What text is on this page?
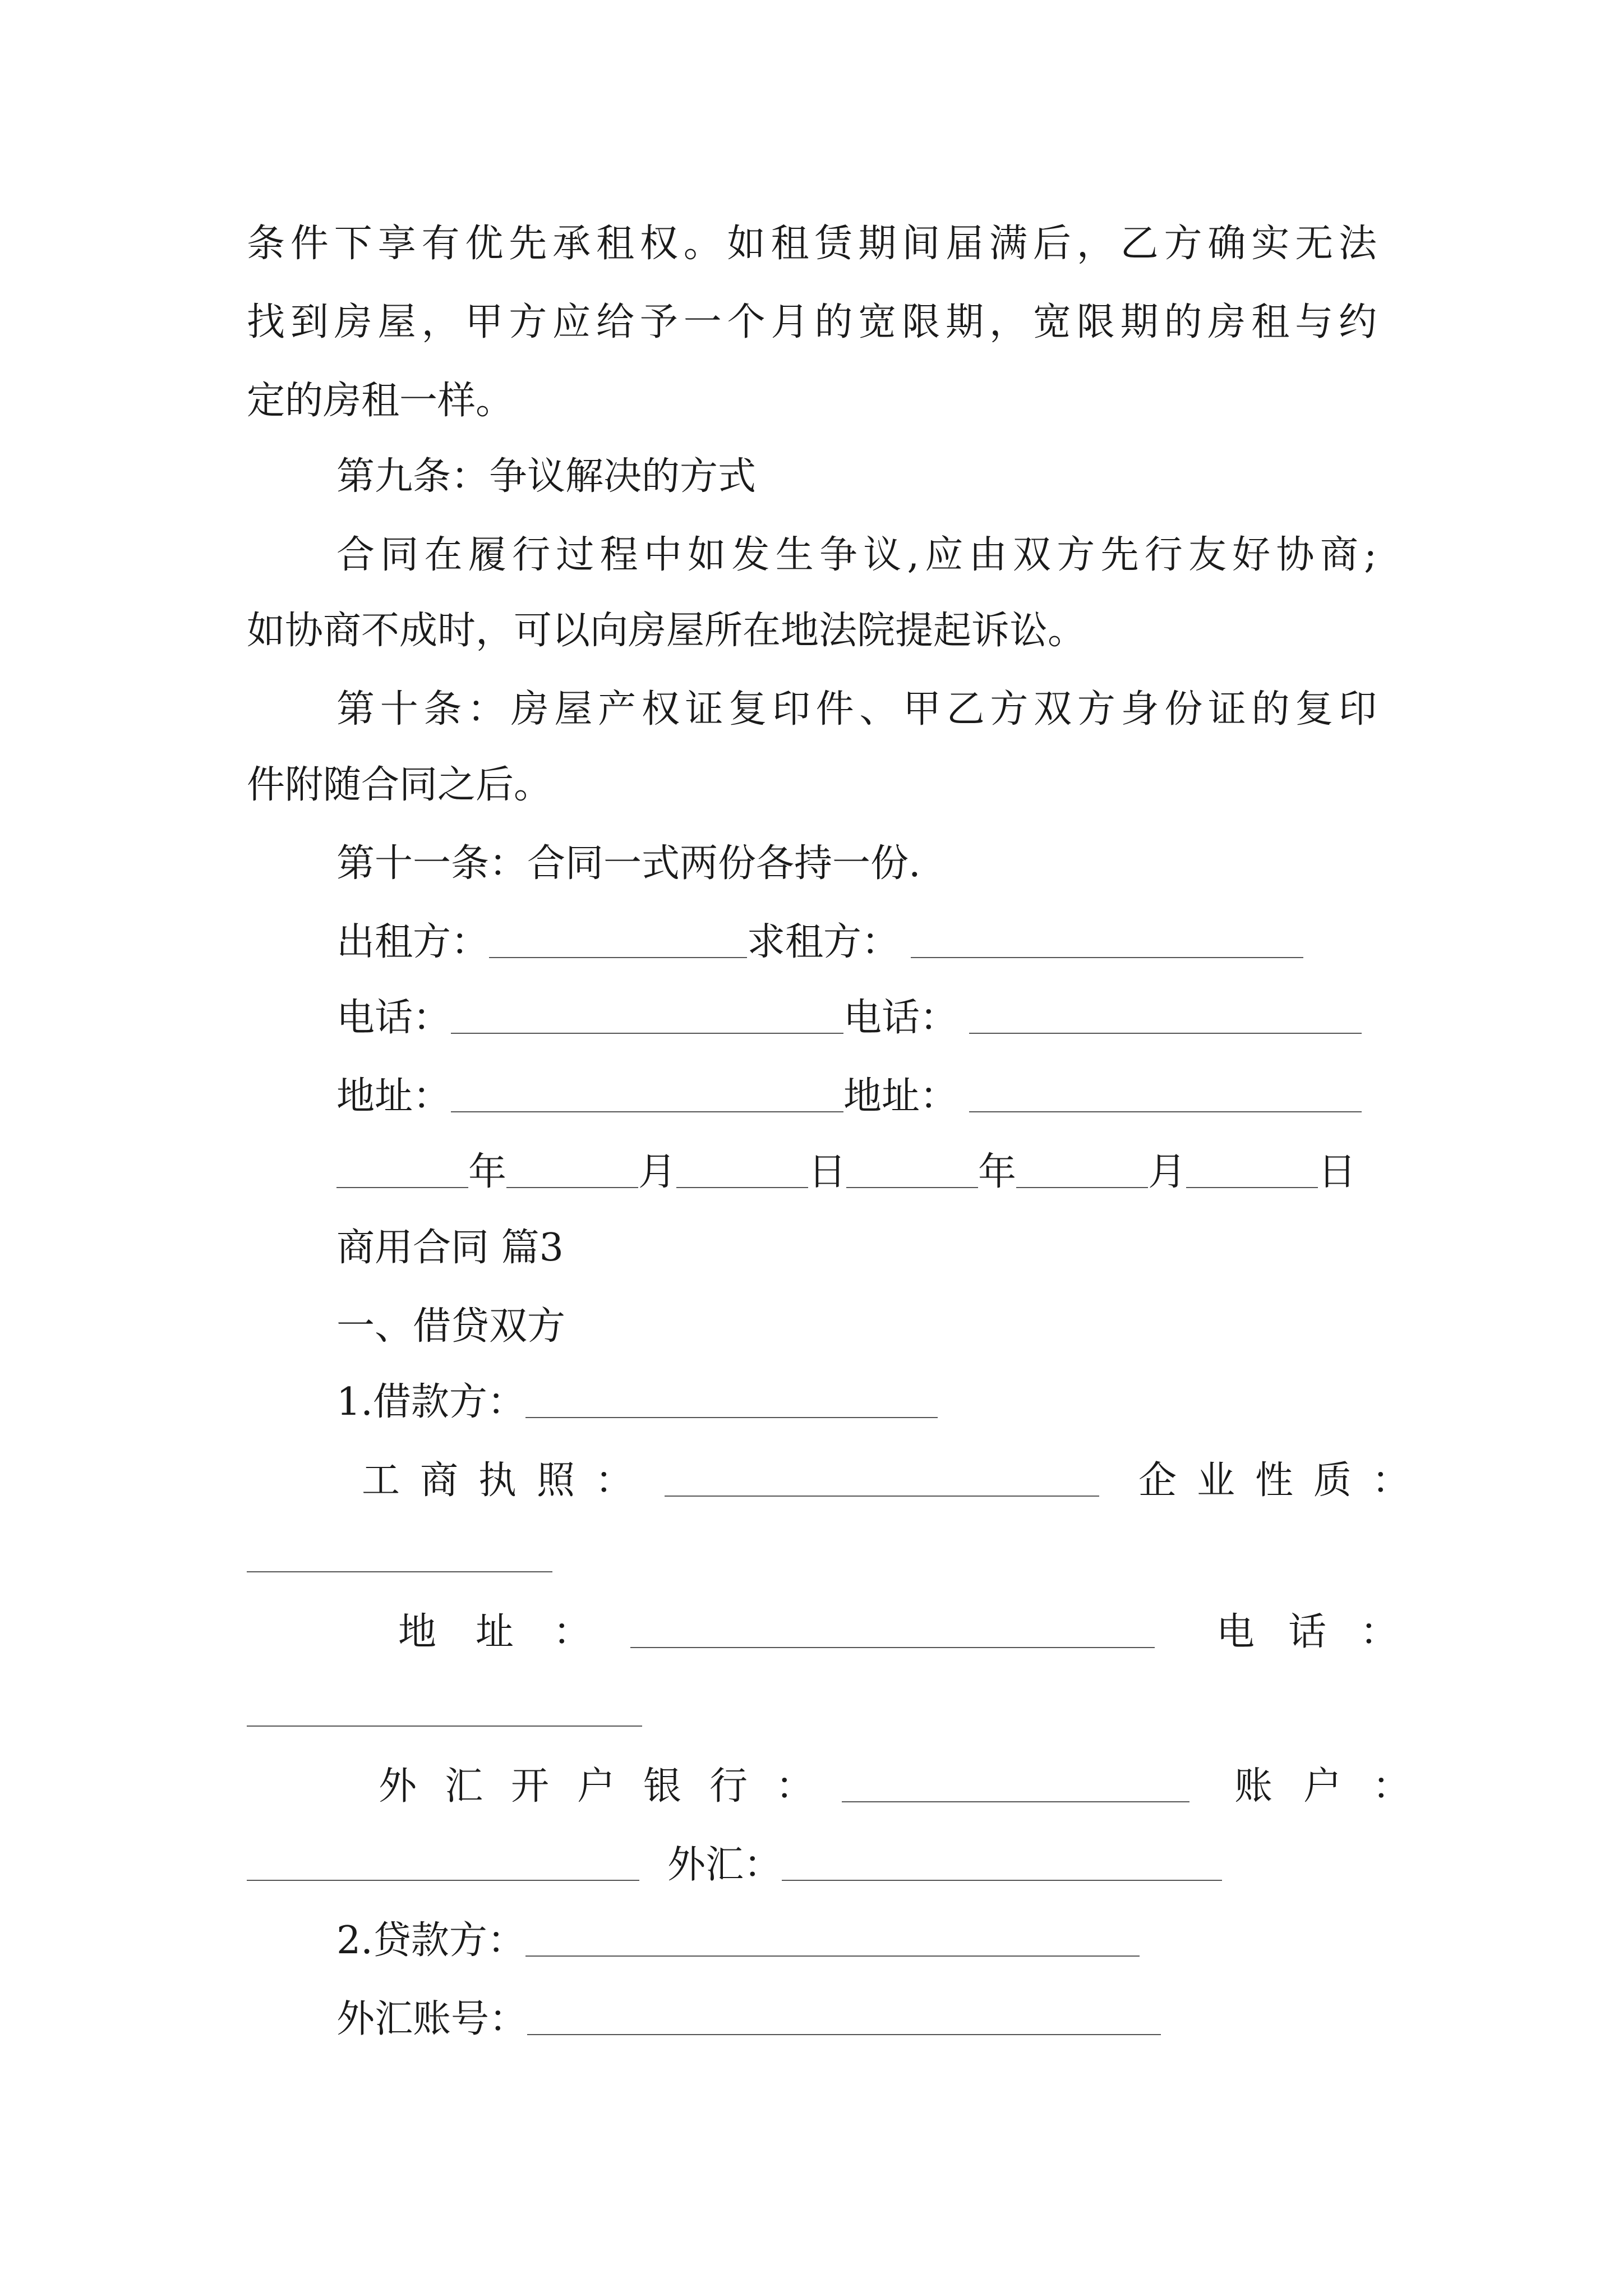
条件下享有优先承租权。如租赁期间届满后，乙方确实无法
找到房屋，甲方应给予一个月的宽限期，宽限期的房租与约
定的房租一样。
第九条：争议解决的方式
合同在履行过程中如发生争议,应由双方先行友好协商;
如协商不成时，可以向房屋所在地法院提起诉讼。
第十条：房屋产权证复印件、甲乙方双方身份证的复印
件附随合同之后。
第十一条：合同一式两份各持一份.
出租方：	求租方：
电话：	电话：
地址：	地址：
年	月	日	年	月	日
商用合同 篇3
一、借贷双方
1.借款方：
工商执照：	企业性质：
地址：	电话：
外汇开户银行：	账户：
外汇：
2.贷款方：
外汇账号：
